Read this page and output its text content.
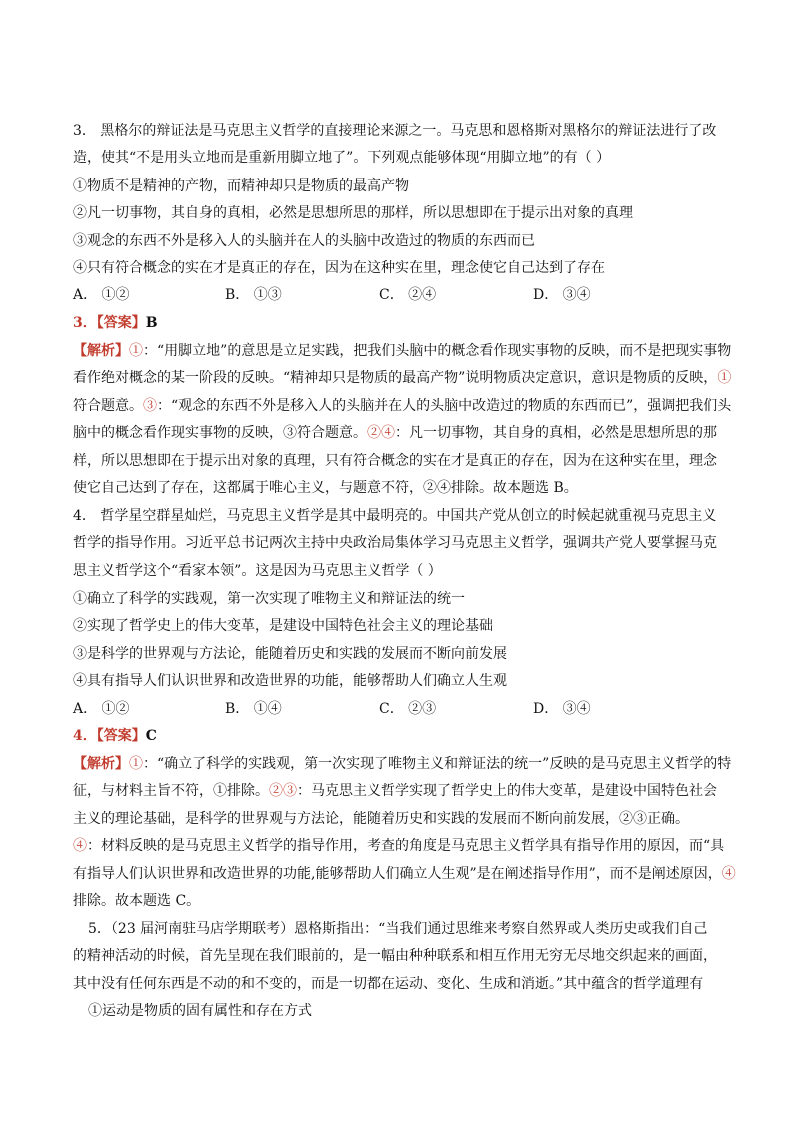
3． 黑格尔的辩证法是马克思主义哲学的直接理论来源之一。马克思和恩格斯对黑格尔的辩证法进行了改
造，使其“不是用头立地而是重新用脚立地了”。下列观点能够体现“用脚立地”的有（ ）
①物质不是精神的产物，而精神却只是物质的最高产物
②凡一切事物，其自身的真相，必然是思想所思的那样，所以思想即在于提示出对象的真理
③观念的东西不外是移入人的头脑并在人的头脑中改造过的物质的东西而已
④只有符合概念的实在才是真正的存在，因为在这种实在里，理念使它自己达到了存在
A． ①②	B． ①③	C． ②④	D． ③④
3．【答案】B
【解析】①：“用脚立地”的意思是立足实践，把我们头脑中的概念看作现实事物的反映，而不是把现实事物
看作绝对概念的某一阶段的反映。“精神却只是物质的最高产物”说明物质决定意识，意识是物质的反映，①
符合题意。③：“观念的东西不外是移入人的头脑并在人的头脑中改造过的物质的东西而已”，强调把我们头
脑中的概念看作现实事物的反映，③符合题意。②④：凡一切事物，其自身的真相，必然是思想所思的那
样，所以思想即在于提示出对象的真理，只有符合概念的实在才是真正的存在，因为在这种实在里，理念
使它自己达到了存在，这都属于唯心主义，与题意不符，②④排除。故本题选 B。
4． 哲学星空群星灿烂，马克思主义哲学是其中最明亮的。中国共产党从创立的时候起就重视马克思主义
哲学的指导作用。习近平总书记两次主持中央政治局集体学习马克思主义哲学，强调共产党人要掌握马克
思主义哲学这个“看家本领”。这是因为马克思主义哲学（ ）
①确立了科学的实践观，第一次实现了唯物主义和辩证法的统一
②实现了哲学史上的伟大变革，是建设中国特色社会主义的理论基础
③是科学的世界观与方法论，能随着历史和实践的发展而不断向前发展
④具有指导人们认识世界和改造世界的功能，能够帮助人们确立人生观
A． ①②	B． ①④	C． ②③	D． ③④
4．【答案】C
【解析】①：“确立了科学的实践观，第一次实现了唯物主义和辩证法的统一”反映的是马克思主义哲学的特
征，与材料主旨不符，①排除。②③：马克思主义哲学实现了哲学史上的伟大变革，是建设中国特色社会
主义的理论基础，是科学的世界观与方法论，能随着历史和实践的发展而不断向前发展，②③正确。
④：材料反映的是马克思主义哲学的指导作用，考查的角度是马克思主义哲学具有指导作用的原因，而“具
有指导人们认识世界和改造世界的功能,能够帮助人们确立人生观”是在阐述指导作用”，而不是阐述原因，④
排除。故本题选 C。
5．（23 届河南驻马店学期联考）恩格斯指出：“当我们通过思维来考察自然界或人类历史或我们自己
的精神活动的时候，首先呈现在我们眼前的，是一幅由种种联系和相互作用无穷无尽地交织起来的画面，
其中没有任何东西是不动的和不变的，而是一切都在运动、变化、生成和消逝。”其中蕴含的哲学道理有
①运动是物质的固有属性和存在方式
